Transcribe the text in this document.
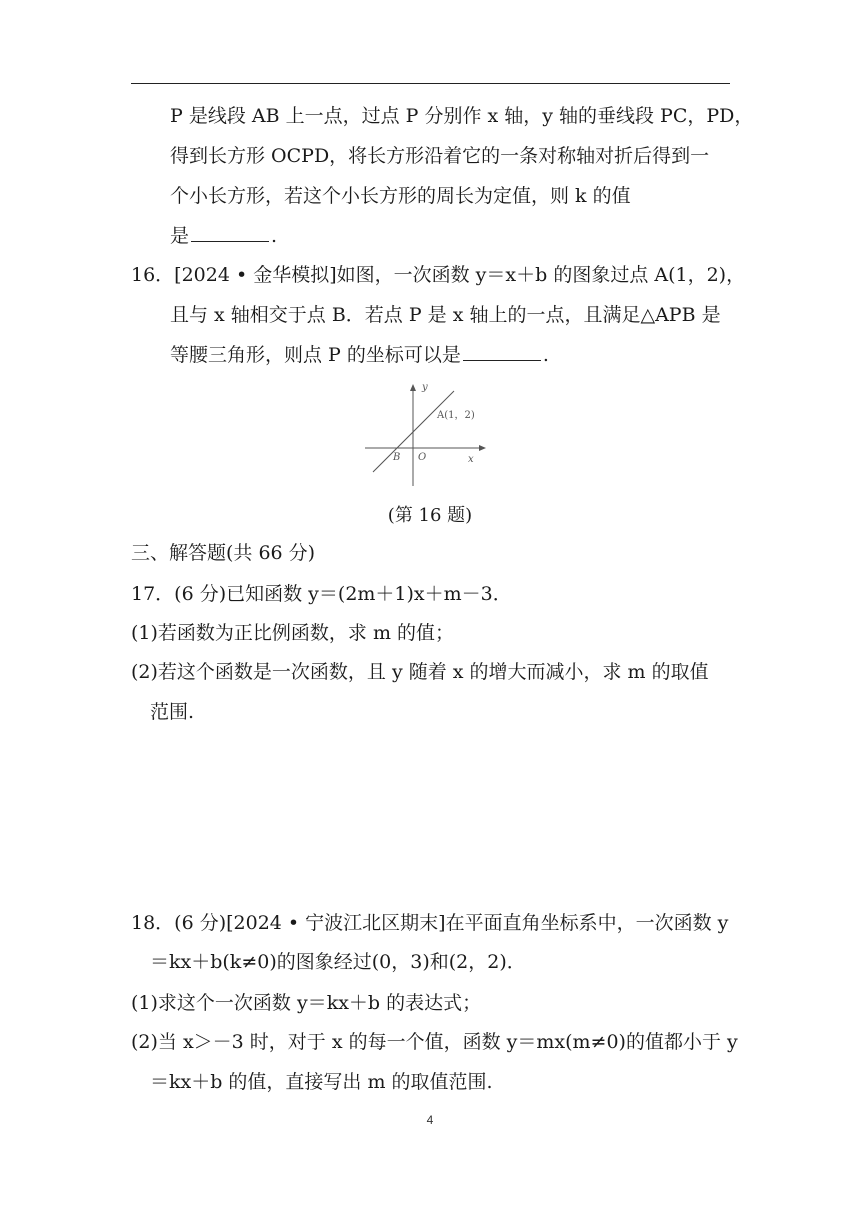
P 是线段 AB 上一点，过点 P 分别作 x 轴，y 轴的垂线段 PC，PD，
得到长方形 OCPD，将长方形沿着它的一条对称轴对折后得到一
个小长方形，若这个小长方形的周长为定值，则 k 的值
是	.
16．[2024 • 金华模拟]如图，一次函数 y＝x＋b 的图象过点 A(1，2)，
且与 x 轴相交于点 B．若点 P 是 x 轴上的一点，且满足△APB 是
等腰三角形，则点 P 的坐标可以是	.
y
x
A(1，2)
B O
(第 16 题)
三、解答题(共 66 分)
17．(6 分)已知函数 y＝(2m＋1)x＋m－3．
(1)若函数为正比例函数，求 m 的值；
(2)若这个函数是一次函数，且 y 随着 x 的增大而减小，求 m 的取值
范围.
18．(6 分)[2024 • 宁波江北区期末]在平面直角坐标系中，一次函数 y
＝kx＋b(k≠0)的图象经过(0，3)和(2，2)．
(1)求这个一次函数 y＝kx＋b 的表达式；
(2)当 x＞－3 时，对于 x 的每一个值，函数 y＝mx(m≠0)的值都小于 y
＝kx＋b 的值，直接写出 m 的取值范围.
4
